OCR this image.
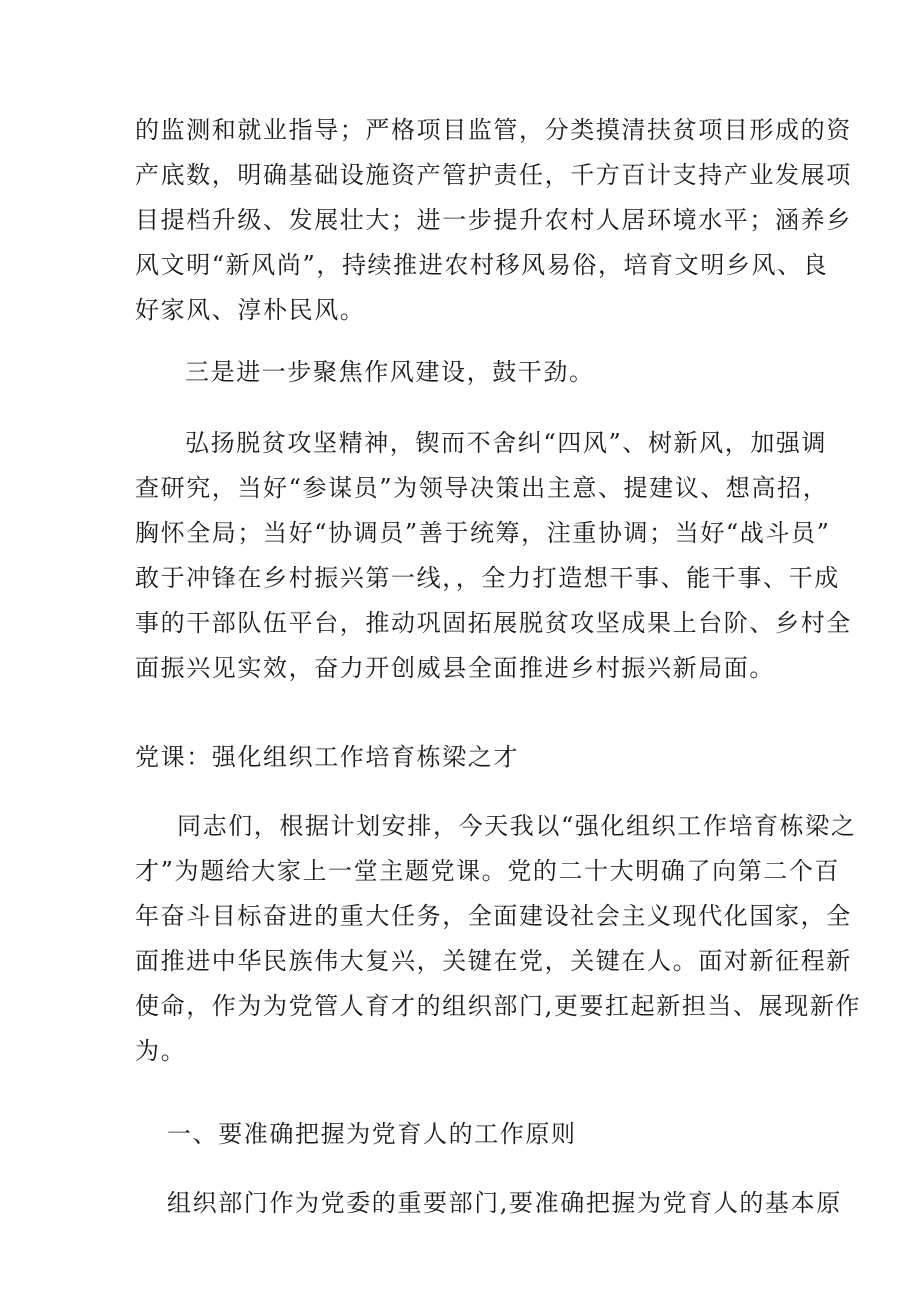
的监测和就业指导；严格项目监管，分类摸清扶贫项目形成的资
产底数，明确基础设施资产管护责任，千方百计支持产业发展项
目提档升级、发展壮大；进一步提升农村人居环境水平；涵养乡
风文明“新风尚”，持续推进农村移风易俗，培育文明乡风、良
好家风、淳朴民风。
三是进一步聚焦作风建设，鼓干劲。
弘扬脱贫攻坚精神，锲而不舍纠“四风”、树新风，加强调
查研究，当好“参谋员”为领导决策出主意、提建议、想高招，
胸怀全局；当好“协调员”善于统筹，注重协调；当好“战斗员”
敢于冲锋在乡村振兴第一线，，全力打造想干事、能干事、干成
事的干部队伍平台，推动巩固拓展脱贫攻坚成果上台阶、乡村全
面振兴见实效，奋力开创威县全面推进乡村振兴新局面。
党课：强化组织工作培育栋梁之才
同志们，根据计划安排，今天我以“强化组织工作培育栋梁之
才”为题给大家上一堂主题党课。党的二十大明确了向第二个百
年奋斗目标奋进的重大任务，全面建设社会主义现代化国家，全
面推进中华民族伟大复兴，关键在党，关键在人。面对新征程新
使命，作为为党管人育才的组织部门,更要扛起新担当、展现新作
为。
一、要准确把握为党育人的工作原则
组织部门作为党委的重要部门,要准确把握为党育人的基本原
